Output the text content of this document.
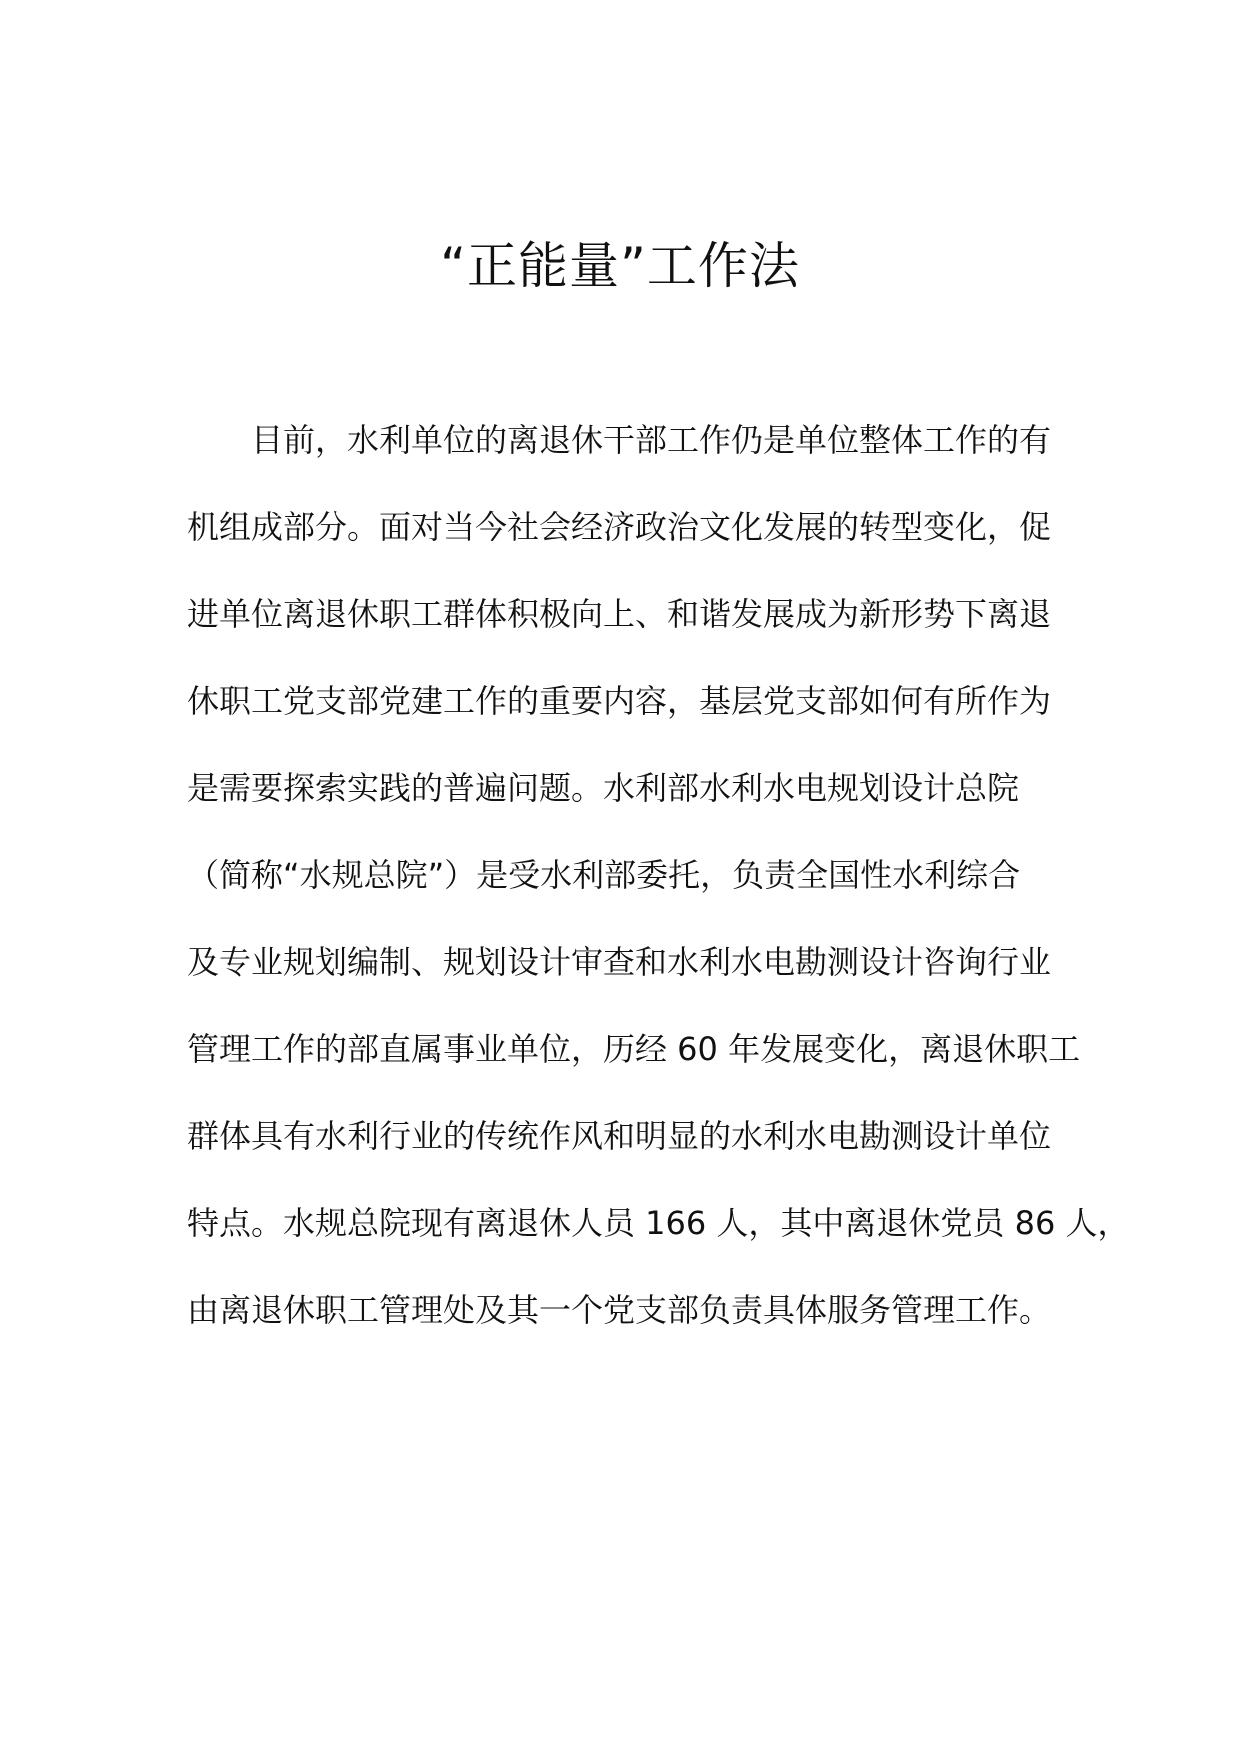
“正能量”工作法
目前，水利单位的离退休干部工作仍是单位整体工作的有
机组成部分。面对当今社会经济政治文化发展的转型变化，促
进单位离退休职工群体积极向上、和谐发展成为新形势下离退
休职工党支部党建工作的重要内容，基层党支部如何有所作为
是需要探索实践的普遍问题。水利部水利水电规划设计总院
（简称“水规总院”）是受水利部委托，负责全国性水利综合
及专业规划编制、规划设计审查和水利水电勘测设计咨询行业
管理工作的部直属事业单位，历经 60 年发展变化，离退休职工
群体具有水利行业的传统作风和明显的水利水电勘测设计单位
特点。水规总院现有离退休人员 166 人，其中离退休党员 86 人，
由离退休职工管理处及其一个党支部负责具体服务管理工作。
